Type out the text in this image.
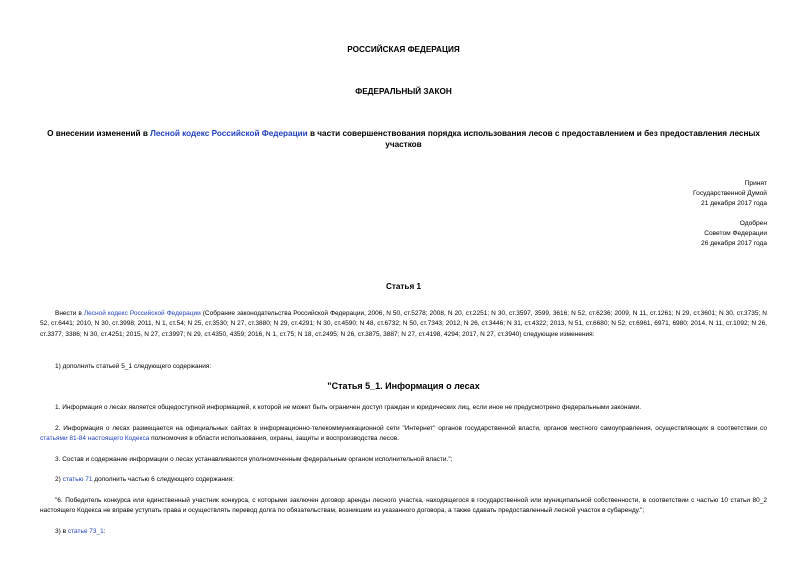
РОССИЙСКАЯ ФЕДЕРАЦИЯ
ФЕДЕРАЛЬНЫЙ ЗАКОН
О внесении изменений в Лесной кодекс Российской Федерации в части совершенствования порядка использования лесов с предоставлением и без предоставления лесных участков
Принят
Государственной Думой
21 декабря 2017 года
Одобрен
Советом Федерации
26 декабря 2017 года
Статья 1
Внести в Лесной кодекс Российской Федерации (Собрание законодательства Российской Федерации, 2006, N 50, ст.5278; 2008, N 20, ст.2251; N 30, ст.3597, 3599, 3616; N 52, ст.6236; 2009, N 11, ст.1261; N 29, ст.3601; N 30, ст.3735; N 52, ст.6441; 2010, N 30, ст.3998; 2011, N 1, ст.54; N 25, ст.3530; N 27, ст.3880; N 29, ст.4291; N 30, ст.4590; N 48, ст.6732; N 50, ст.7343; 2012, N 26, ст.3446; N 31, ст.4322; 2013, N 51, ст.6680; N 52, ст.6961, 6971, 6980; 2014, N 11, ст.1092; N 26, ст.3377, 3386; N 30, ст.4251; 2015, N 27, ст.3997; N 29, ст.4350, 4359; 2016, N 1, ст.75; N 18, ст.2495; N 26, ст.3875, 3887; N 27, ст.4198, 4294; 2017, N 27, ст.3940) следующие изменения:
1) дополнить статьей 5_1 следующего содержания:
"Статья 5_1. Информация о лесах
1. Информация о лесах является общедоступной информацией, к которой не может быть ограничен доступ граждан и юридических лиц, если иное не предусмотрено федеральными законами.
2. Информация о лесах размещается на официальных сайтах в информационно-телекоммуникационной сети "Интернет" органов государственной власти, органов местного самоуправления, осуществляющих в соответствии со статьями 81-84 настоящего Кодекса полномочия в области использования, охраны, защиты и воспроизводства лесов.
3. Состав и содержание информации о лесах устанавливаются уполномоченным федеральным органом исполнительной власти.";
2) статью 71 дополнить частью 6 следующего содержания:
"6. Победитель конкурса или единственный участник конкурса, с которыми заключен договор аренды лесного участка, находящегося в государственной или муниципальной собственности, в соответствии с частью 10 статьи 80_2 настоящего Кодекса не вправе уступать права и осуществлять перевод долга по обязательствам, возникшим из указанного договора, а также сдавать предоставленный лесной участок в субаренду.";
3) в статье 73_1:
